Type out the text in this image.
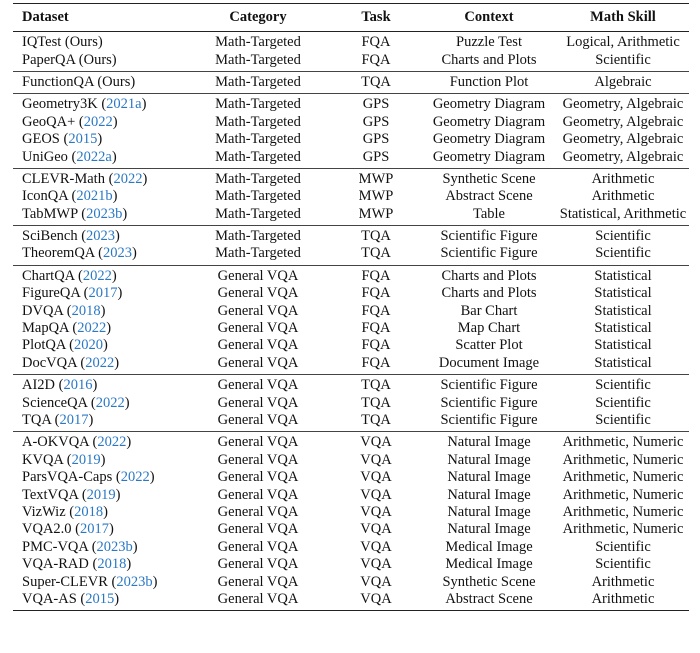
Dataset	Category	Task	Context	Math Skill
IQTest (Ours)	Math-Targeted	FQA	Puzzle Test	Logical, Arithmetic
PaperQA (Ours)	Math-Targeted	FQA	Charts and Plots	Scientific
FunctionQA (Ours)	Math-Targeted	TQA	Function Plot	Algebraic
Geometry3K (2021a)	Math-Targeted	GPS	Geometry Diagram	Geometry, Algebraic
GeoQA+ (2022)	Math-Targeted	GPS	Geometry Diagram	Geometry, Algebraic
GEOS (2015)	Math-Targeted	GPS	Geometry Diagram	Geometry, Algebraic
UniGeo (2022a)	Math-Targeted	GPS	Geometry Diagram	Geometry, Algebraic
CLEVR-Math (2022)	Math-Targeted	MWP	Synthetic Scene	Arithmetic
IconQA (2021b)	Math-Targeted	MWP	Abstract Scene	Arithmetic
TabMWP (2023b)	Math-Targeted	MWP	Table	Statistical, Arithmetic
SciBench (2023)	Math-Targeted	TQA	Scientific Figure	Scientific
TheoremQA (2023)	Math-Targeted	TQA	Scientific Figure	Scientific
ChartQA (2022)	General VQA	FQA	Charts and Plots	Statistical
FigureQA (2017)	General VQA	FQA	Charts and Plots	Statistical
DVQA (2018)	General VQA	FQA	Bar Chart	Statistical
MapQA (2022)	General VQA	FQA	Map Chart	Statistical
PlotQA (2020)	General VQA	FQA	Scatter Plot	Statistical
DocVQA (2022)	General VQA	FQA	Document Image	Statistical
AI2D (2016)	General VQA	TQA	Scientific Figure	Scientific
ScienceQA (2022)	General VQA	TQA	Scientific Figure	Scientific
TQA (2017)	General VQA	TQA	Scientific Figure	Scientific
A-OKVQA (2022)	General VQA	VQA	Natural Image	Arithmetic, Numeric
KVQA (2019)	General VQA	VQA	Natural Image	Arithmetic, Numeric
ParsVQA-Caps (2022)	General VQA	VQA	Natural Image	Arithmetic, Numeric
TextVQA (2019)	General VQA	VQA	Natural Image	Arithmetic, Numeric
VizWiz (2018)	General VQA	VQA	Natural Image	Arithmetic, Numeric
VQA2.0 (2017)	General VQA	VQA	Natural Image	Arithmetic, Numeric
PMC-VQA (2023b)	General VQA	VQA	Medical Image	Scientific
VQA-RAD (2018)	General VQA	VQA	Medical Image	Scientific
Super-CLEVR (2023b)	General VQA	VQA	Synthetic Scene	Arithmetic
VQA-AS (2015)	General VQA	VQA	Abstract Scene	Arithmetic
